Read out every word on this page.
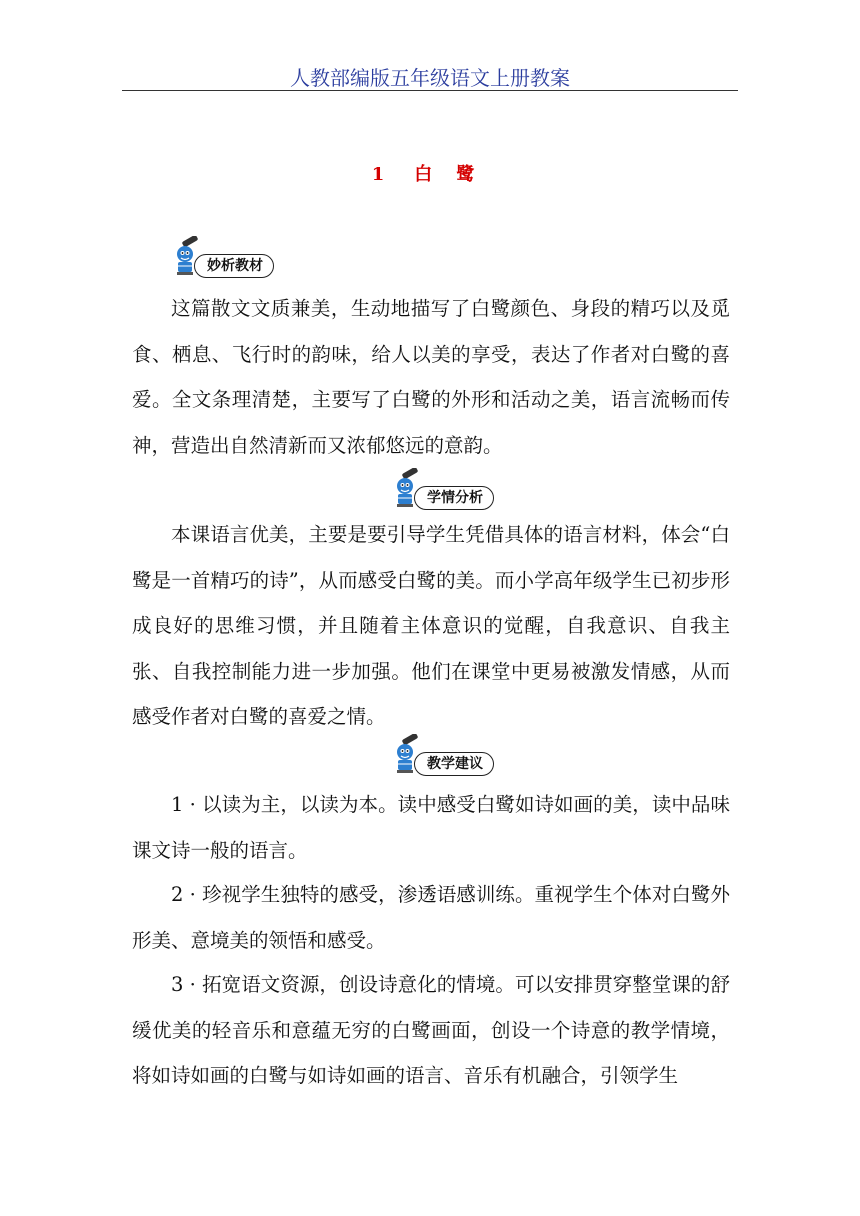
人教部编版五年级语文上册教案
1 白 鹭
妙析教材

这篇散文文质兼美，生动地描写了白鹭颜色、身段的精巧以及觅食、栖息、飞行时的韵味，给人以美的享受，表达了作者对白鹭的喜爱。全文条理清楚，主要写了白鹭的外形和活动之美，语言流畅而传神，营造出自然清新而又浓郁悠远的意韵。

学情分析

本课语言优美，主要是要引导学生凭借具体的语言材料，体会“白鹭是一首精巧的诗”，从而感受白鹭的美。而小学高年级学生已初步形成良好的思维习惯，并且随着主体意识的觉醒，自我意识、自我主张、自我控制能力进一步加强。他们在课堂中更易被激发情感，从而感受作者对白鹭的喜爱之情。

教学建议

1 · 以读为主，以读为本。读中感受白鹭如诗如画的美，读中品味课文诗一般的语言。

2 · 珍视学生独特的感受，渗透语感训练。重视学生个体对白鹭外形美、意境美的领悟和感受。

3 · 拓宽语文资源，创设诗意化的情境。可以安排贯穿整堂课的舒缓优美的轻音乐和意蕴无穷的白鹭画面，创设一个诗意的教学情境，将如诗如画的白鹭与如诗如画的语言、音乐有机融合，引领学生
